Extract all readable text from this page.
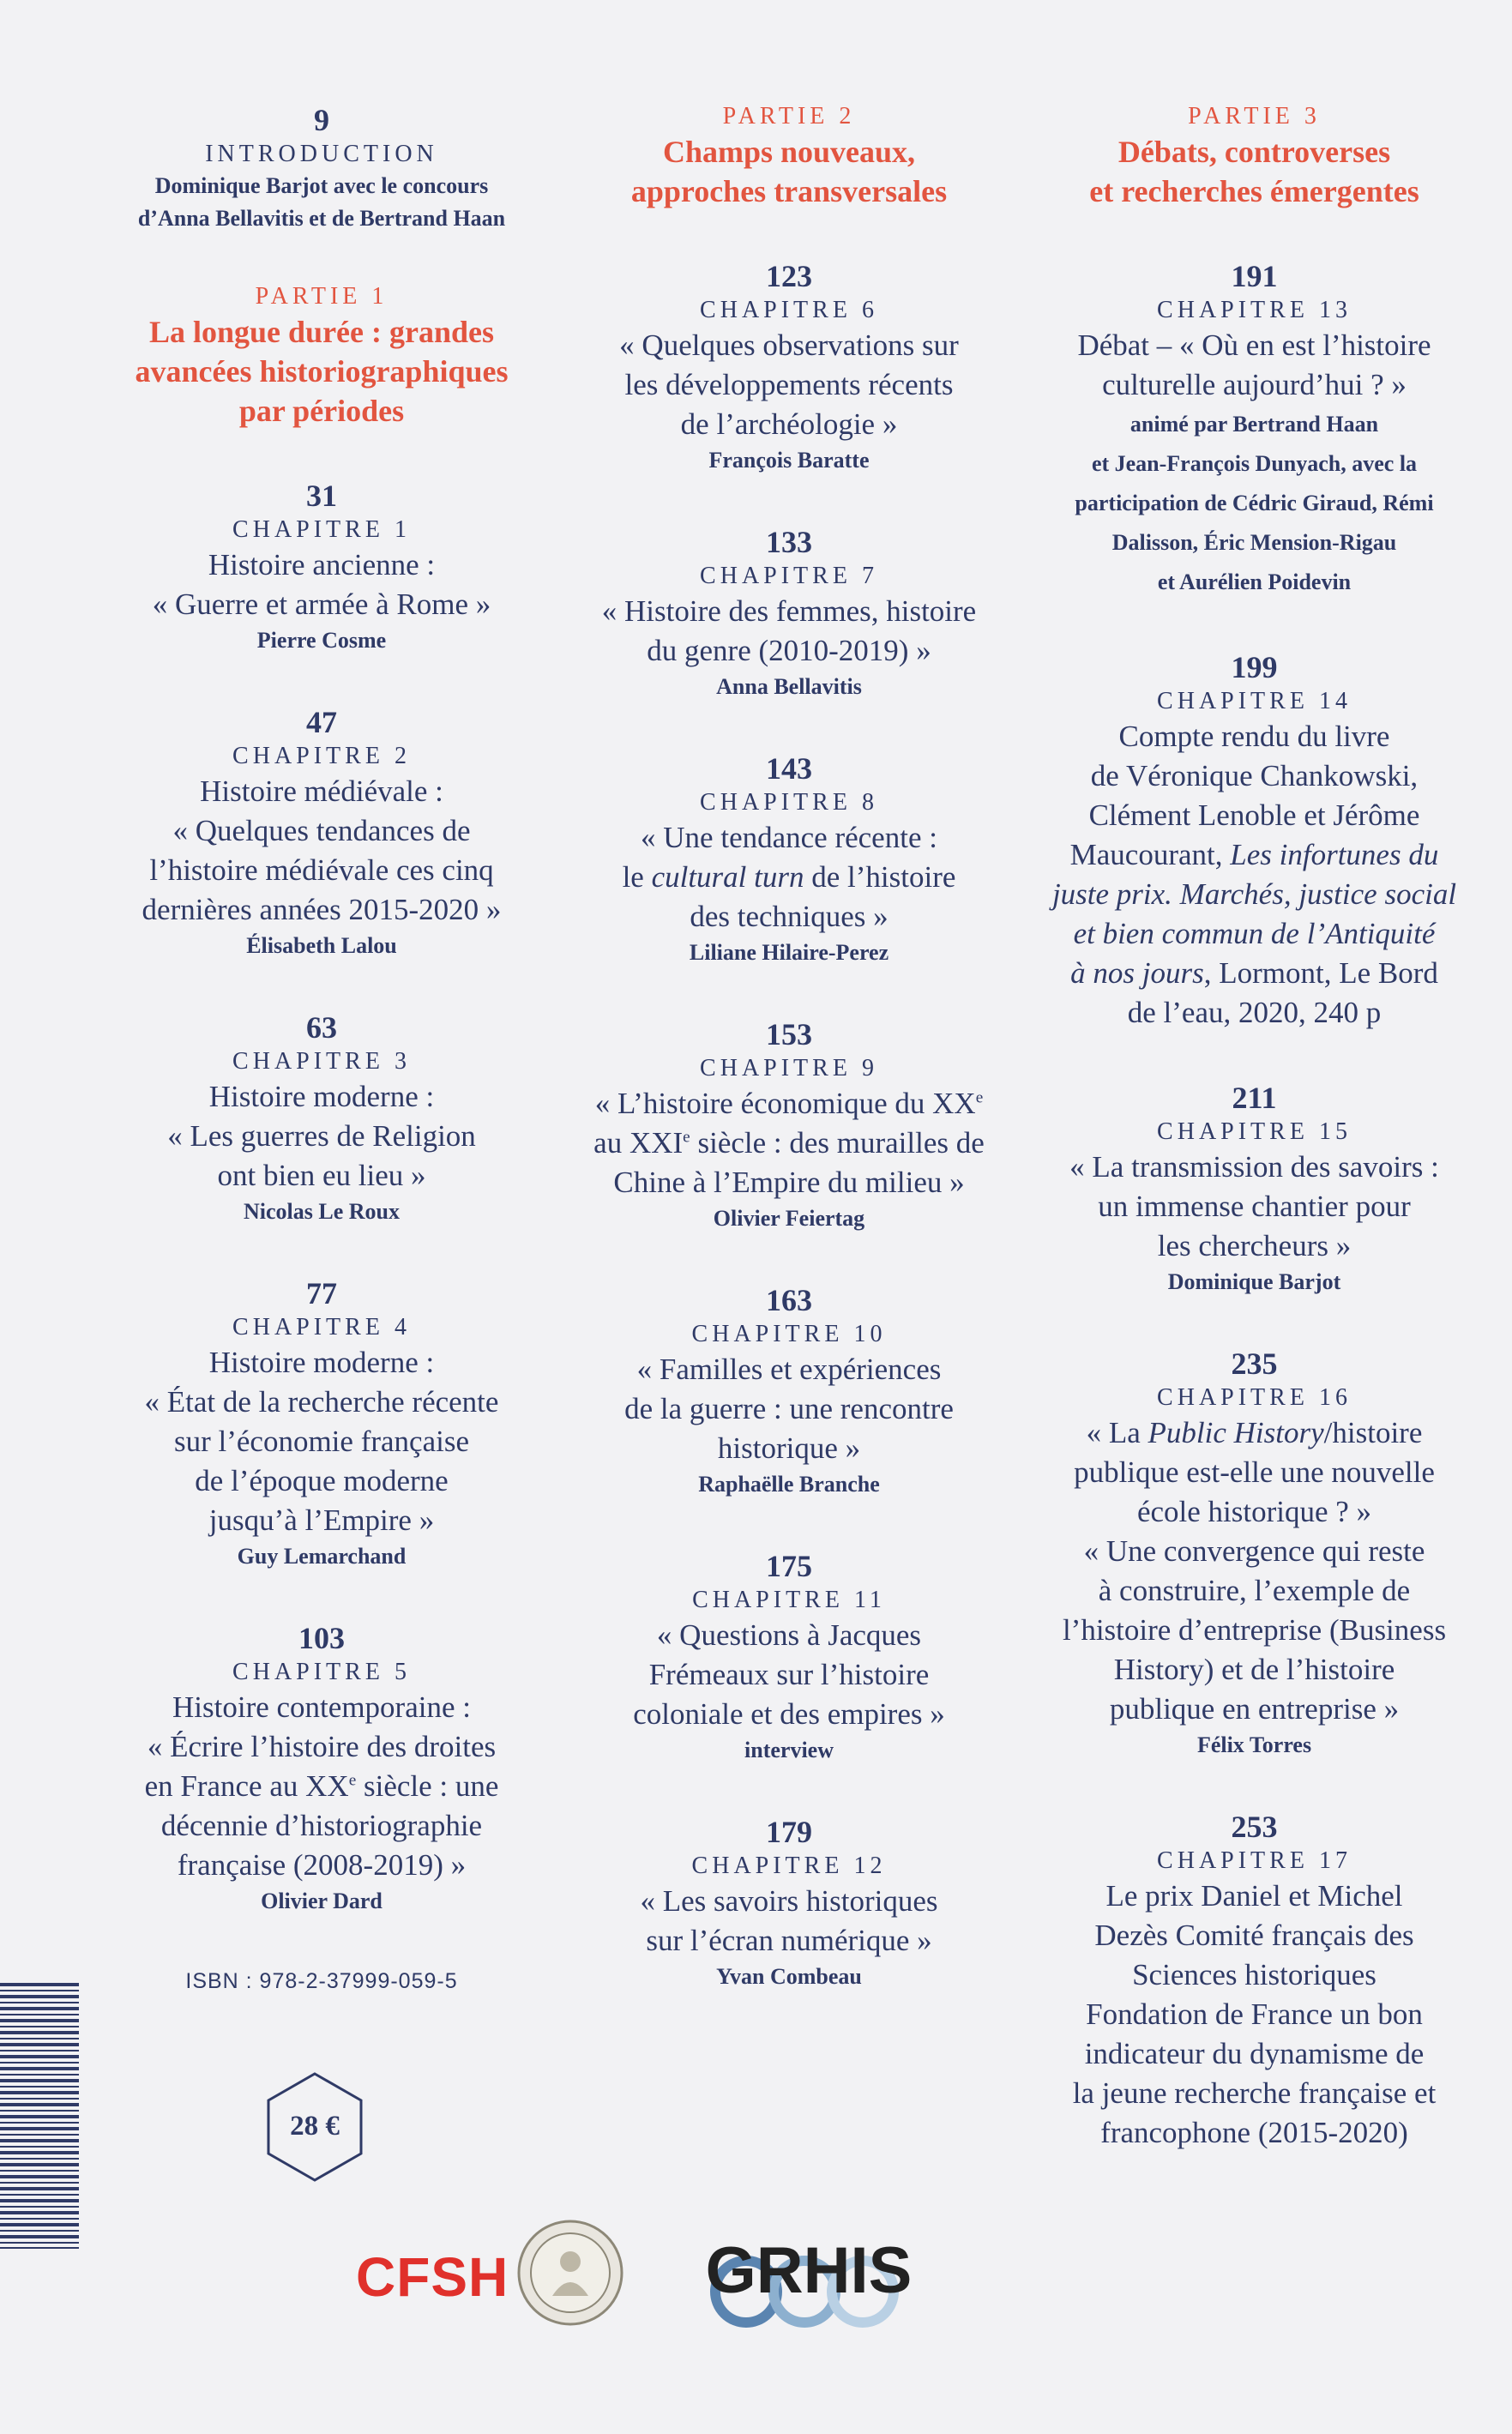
9
INTRODUCTION
Dominique Barjot avec le concours
d’Anna Bellavitis et de Bertrand Haan
PARTIE 1
La longue durée : grandes
avancées historiographiques
par périodes
31
CHAPITRE 1
Histoire ancienne :
« Guerre et armée à Rome »
Pierre Cosme
47
CHAPITRE 2
Histoire médiévale :
« Quelques tendances de
l’histoire médiévale ces cinq
dernières années 2015-2020 »
Élisabeth Lalou
63
CHAPITRE 3
Histoire moderne :
« Les guerres de Religion
ont bien eu lieu »
Nicolas Le Roux
77
CHAPITRE 4
Histoire moderne :
« État de la recherche récente
sur l’économie française
de l’époque moderne
jusqu’à l’Empire »
Guy Lemarchand
103
CHAPITRE 5
Histoire contemporaine :
« Écrire l’histoire des droites
en France au XXe siècle : une
décennie d’historiographie
française (2008-2019) »
Olivier Dard
ISBN : 978-2-37999-059-5
PARTIE 2
Champs nouveaux,
approches transversales
123
CHAPITRE 6
« Quelques observations sur
les développements récents
de l’archéologie »
François Baratte
133
CHAPITRE 7
« Histoire des femmes, histoire
du genre (2010-2019) »
Anna Bellavitis
143
CHAPITRE 8
« Une tendance récente :
le cultural turn de l’histoire
des techniques »
Liliane Hilaire-Perez
153
CHAPITRE 9
« L’histoire économique du XXe
au XXIe siècle : des murailles de
Chine à l’Empire du milieu »
Olivier Feiertag
163
CHAPITRE 10
« Familles et expériences
de la guerre : une rencontre
historique »
Raphaëlle Branche
175
CHAPITRE 11
« Questions à Jacques
Frémeaux sur l’histoire
coloniale et des empires »
interview
179
CHAPITRE 12
« Les savoirs historiques
sur l’écran numérique »
Yvan Combeau
PARTIE 3
Débats, controverses
et recherches émergentes
191
CHAPITRE 13
Débat – « Où en est l’histoire
culturelle aujourd’hui ? »
animé par Bertrand Haan
et Jean-François Dunyach, avec la
participation de Cédric Giraud, Rémi
Dalisson, Éric Mension-Rigau
et Aurélien Poidevin
199
CHAPITRE 14
Compte rendu du livre
de Véronique Chankowski,
Clément Lenoble et Jérôme
Maucourant, Les infortunes du
juste prix. Marchés, justice social
et bien commun de l’Antiquité
à nos jours, Lormont, Le Bord
de l’eau, 2020, 240 p
211
CHAPITRE 15
« La transmission des savoirs :
un immense chantier pour
les chercheurs »
Dominique Barjot
235
CHAPITRE 16
« La Public History/histoire
publique est-elle une nouvelle
école historique ? »
« Une convergence qui reste
à construire, l’exemple de
l’histoire d’entreprise (Business
History) et de l’histoire
publique en entreprise »
Félix Torres
253
CHAPITRE 17
Le prix Daniel et Michel
Dezès Comité français des
Sciences historiques
Fondation de France un bon
indicateur du dynamisme de
la jeune recherche française et
francophone (2015-2020)
28 €
CFSH	GRHIS
